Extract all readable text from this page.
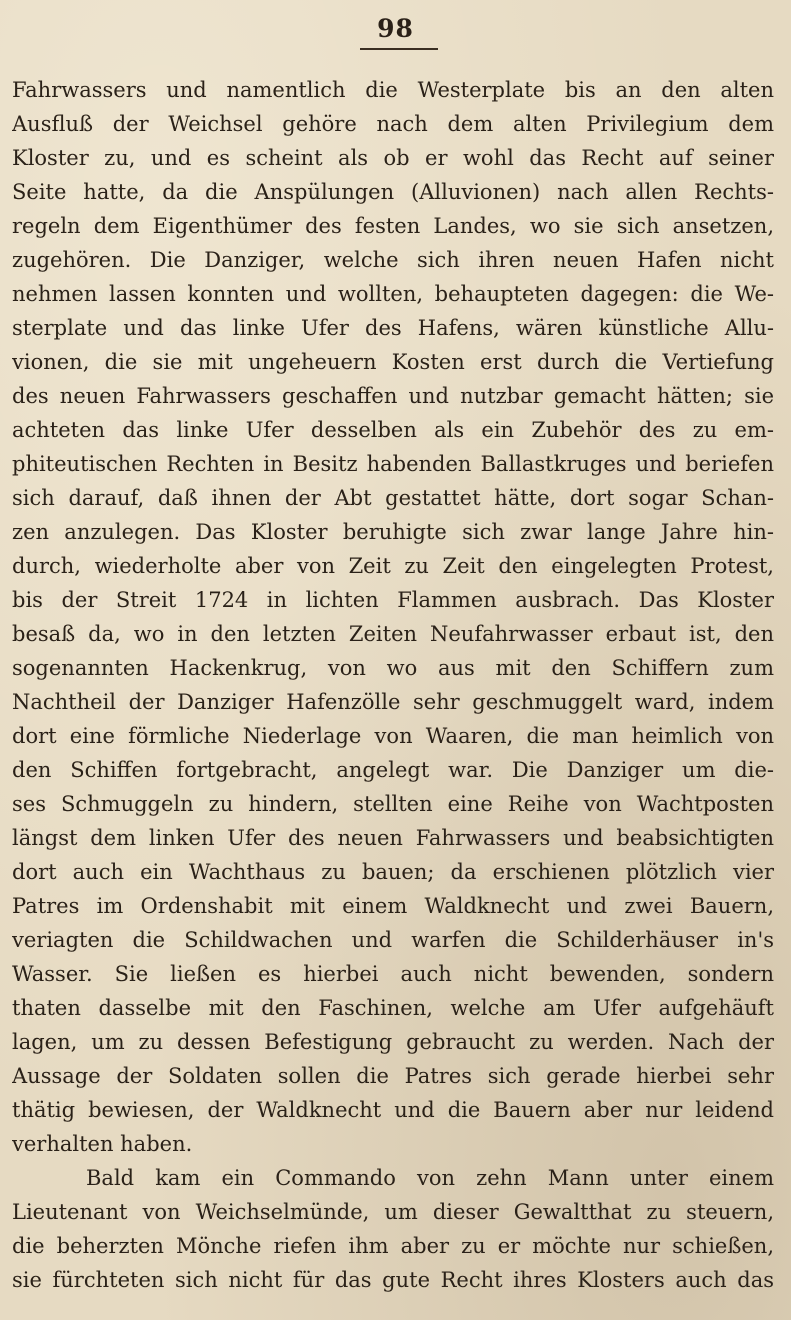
98
Fahrwassers und namentlich die Westerplate bis an den alten
Ausfluß der Weichsel gehöre nach dem alten Privilegium dem
Kloster zu, und es scheint als ob er wohl das Recht auf seiner
Seite hatte, da die Anspülungen (Alluvionen) nach allen Rechts-
regeln dem Eigenthümer des festen Landes, wo sie sich ansetzen,
zugehören. Die Danziger, welche sich ihren neuen Hafen nicht
nehmen lassen konnten und wollten, behaupteten dagegen: die We-
sterplate und das linke Ufer des Hafens, wären künstliche Allu-
vionen, die sie mit ungeheuern Kosten erst durch die Vertiefung
des neuen Fahrwassers geschaffen und nutzbar gemacht hätten; sie
achteten das linke Ufer desselben als ein Zubehör des zu em-
phiteutischen Rechten in Besitz habenden Ballastkruges und beriefen
sich darauf, daß ihnen der Abt gestattet hätte, dort sogar Schan-
zen anzulegen. Das Kloster beruhigte sich zwar lange Jahre hin-
durch, wiederholte aber von Zeit zu Zeit den eingelegten Protest,
bis der Streit 1724 in lichten Flammen ausbrach. Das Kloster
besaß da, wo in den letzten Zeiten Neufahrwasser erbaut ist, den
sogenannten Hackenkrug, von wo aus mit den Schiffern zum
Nachtheil der Danziger Hafenzölle sehr geschmuggelt ward, indem
dort eine förmliche Niederlage von Waaren, die man heimlich von
den Schiffen fortgebracht, angelegt war. Die Danziger um die-
ses Schmuggeln zu hindern, stellten eine Reihe von Wachtposten
längst dem linken Ufer des neuen Fahrwassers und beabsichtigten
dort auch ein Wachthaus zu bauen; da erschienen plötzlich vier
Patres im Ordenshabit mit einem Waldknecht und zwei Bauern,
veriagten die Schildwachen und warfen die Schilderhäuser in's
Wasser. Sie ließen es hierbei auch nicht bewenden, sondern
thaten dasselbe mit den Faschinen, welche am Ufer aufgehäuft
lagen, um zu dessen Befestigung gebraucht zu werden. Nach der
Aussage der Soldaten sollen die Patres sich gerade hierbei sehr
thätig bewiesen, der Waldknecht und die Bauern aber nur leidend
verhalten haben.
Bald kam ein Commando von zehn Mann unter einem
Lieutenant von Weichselmünde, um dieser Gewaltthat zu steuern,
die beherzten Mönche riefen ihm aber zu er möchte nur schießen,
sie fürchteten sich nicht für das gute Recht ihres Klosters auch das
